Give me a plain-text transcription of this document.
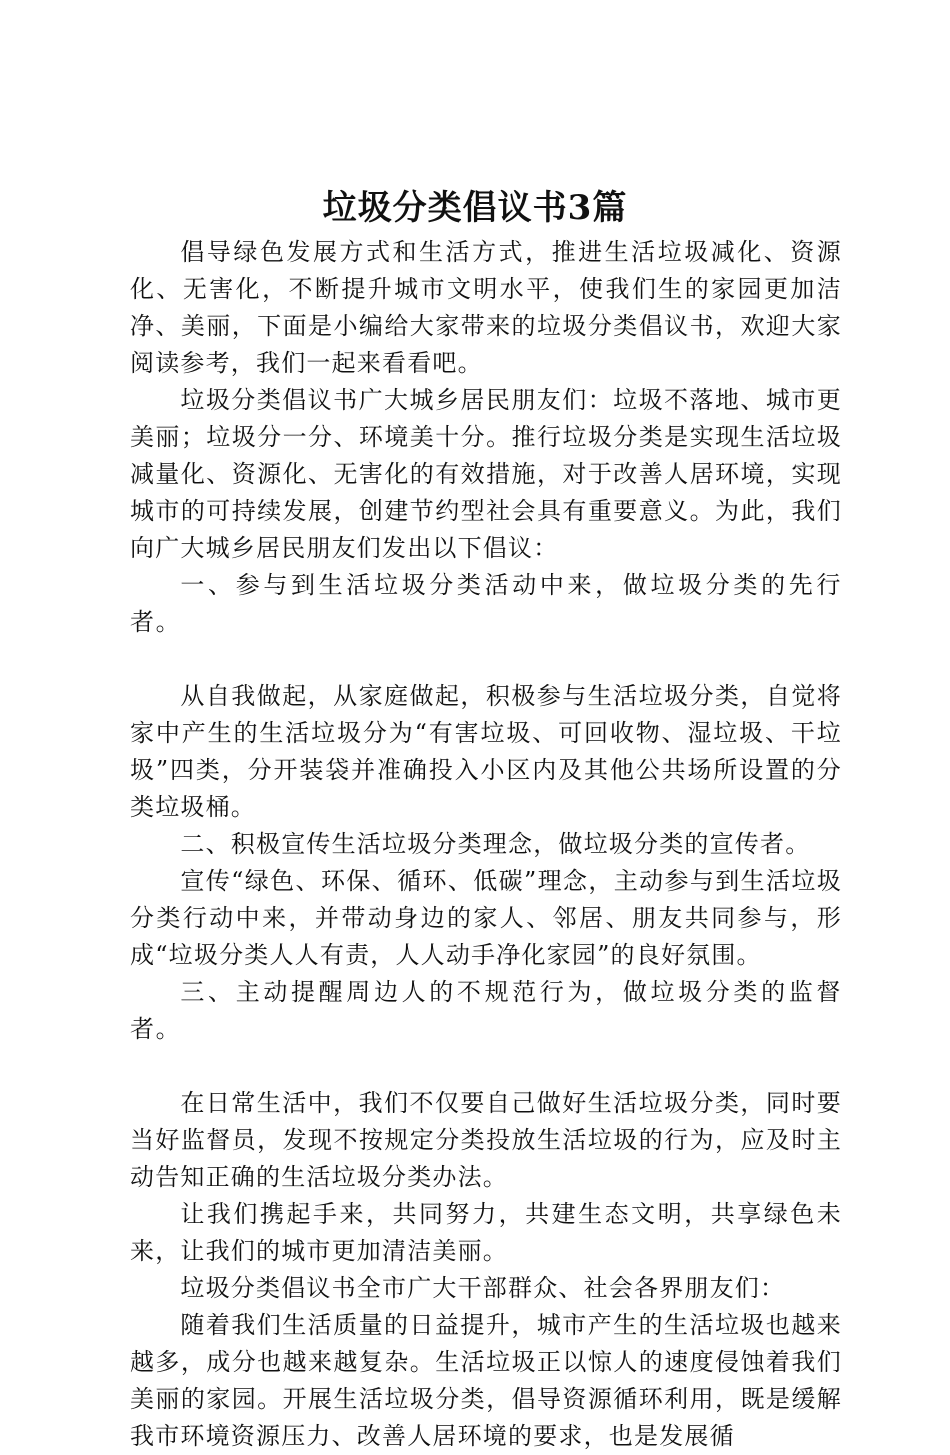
垃圾分类倡议书3篇

倡导绿色发展方式和生活方式，推进生活垃圾减化、资源化、无害化，不断提升城市文明水平，使我们生的家园更加洁净、美丽，下面是小编给大家带来的垃圾分类倡议书，欢迎大家阅读参考，我们一起来看看吧。

垃圾分类倡议书广大城乡居民朋友们：垃圾不落地、城市更美丽；垃圾分一分、环境美十分。推行垃圾分类是实现生活垃圾减量化、资源化、无害化的有效措施，对于改善人居环境，实现城市的可持续发展，创建节约型社会具有重要意义。为此，我们向广大城乡居民朋友们发出以下倡议：

一、参与到生活垃圾分类活动中来，做垃圾分类的先行者。

从自我做起，从家庭做起，积极参与生活垃圾分类，自觉将家中产生的生活垃圾分为“有害垃圾、可回收物、湿垃圾、干垃圾”四类，分开装袋并准确投入小区内及其他公共场所设置的分类垃圾桶。

二、积极宣传生活垃圾分类理念，做垃圾分类的宣传者。

宣传“绿色、环保、循环、低碳”理念，主动参与到生活垃圾分类行动中来，并带动身边的家人、邻居、朋友共同参与，形成“垃圾分类人人有责，人人动手净化家园”的良好氛围。

三、主动提醒周边人的不规范行为，做垃圾分类的监督者。

在日常生活中，我们不仅要自己做好生活垃圾分类，同时要当好监督员，发现不按规定分类投放生活垃圾的行为，应及时主动告知正确的生活垃圾分类办法。

让我们携起手来，共同努力，共建生态文明，共享绿色未来，让我们的城市更加清洁美丽。

垃圾分类倡议书全市广大干部群众、社会各界朋友们：

随着我们生活质量的日益提升，城市产生的生活垃圾也越来越多，成分也越来越复杂。生活垃圾正以惊人的速度侵蚀着我们美丽的家园。开展生活垃圾分类，倡导资源循环利用，既是缓解我市环境资源压力、改善人居环境的要求，也是发展循
